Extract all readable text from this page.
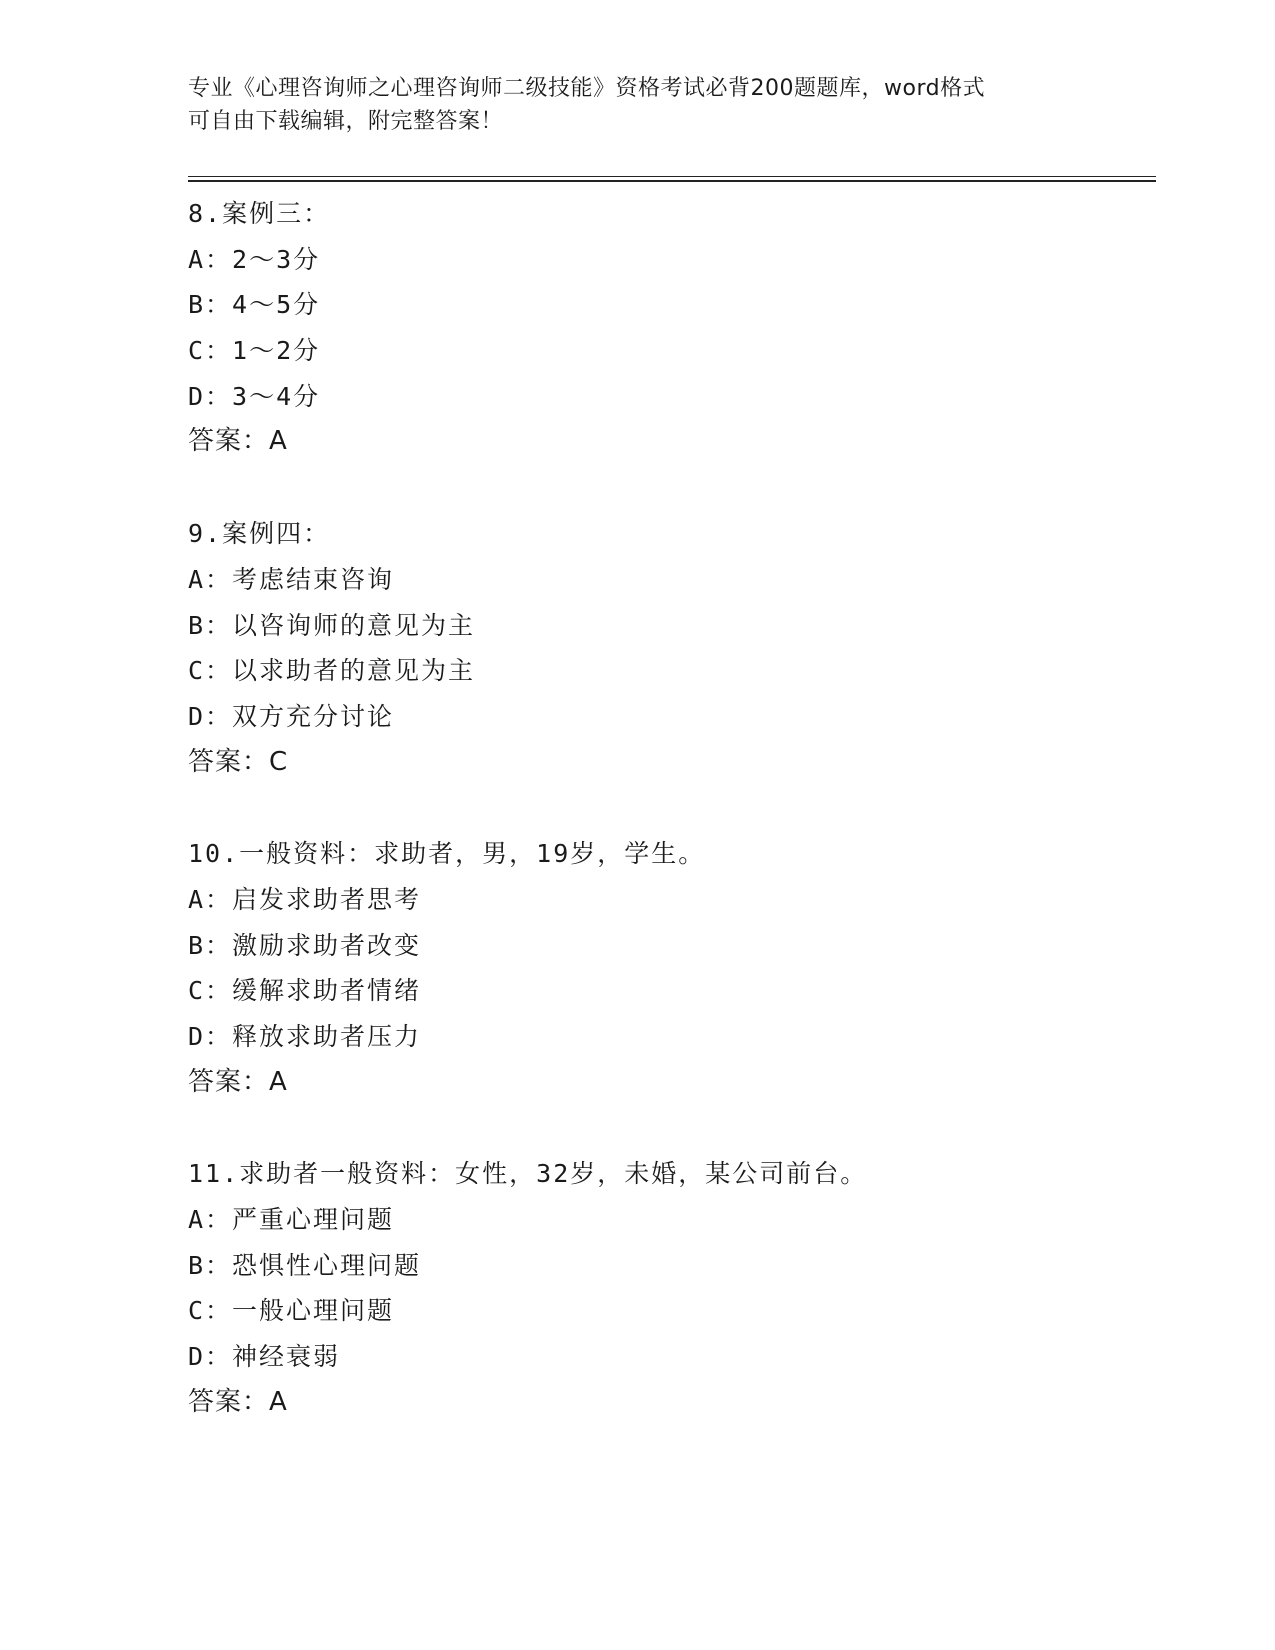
专业《心理咨询师之心理咨询师二级技能》资格考试必背200题题库，word格式
可自由下载编辑，附完整答案！
8.案例三：
A：2～3分
B：4～5分
C：1～2分
D：3～4分
答案：A
9.案例四：
A：考虑结束咨询
B：以咨询师的意见为主
C：以求助者的意见为主
D：双方充分讨论
答案：C
10.一般资料：求助者，男，19岁，学生。
A：启发求助者思考
B：激励求助者改变
C：缓解求助者情绪
D：释放求助者压力
答案：A
11.求助者一般资料：女性，32岁，未婚，某公司前台。
A：严重心理问题
B：恐惧性心理问题
C：一般心理问题
D：神经衰弱
答案：A
